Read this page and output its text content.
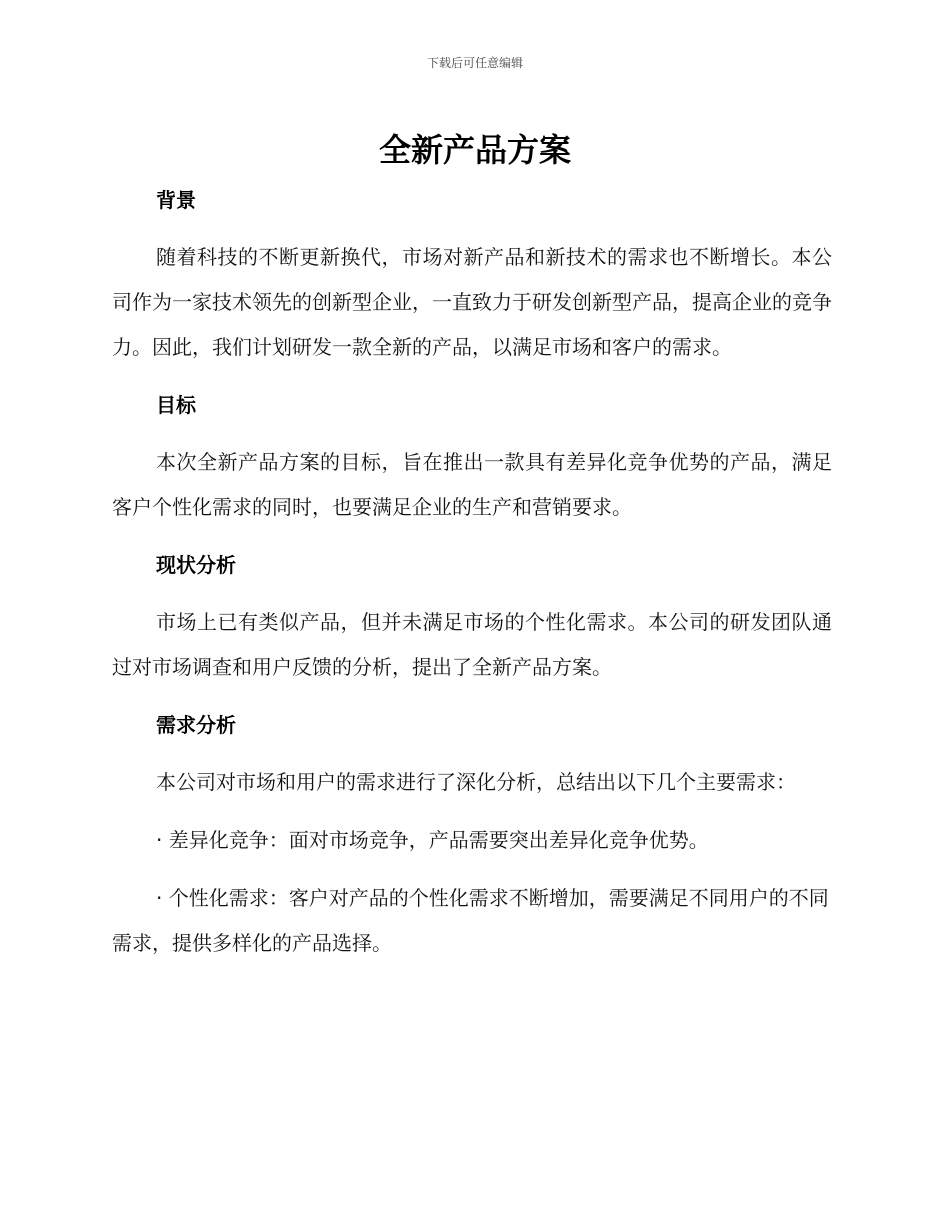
下载后可任意编辑
全新产品方案
背景

随着科技的不断更新换代，市场对新产品和新技术的需求也不断增长。本公司作为一家技术领先的创新型企业，一直致力于研发创新型产品，提高企业的竞争力。因此，我们计划研发一款全新的产品，以满足市场和客户的需求。

目标

本次全新产品方案的目标，旨在推出一款具有差异化竞争优势的产品，满足客户个性化需求的同时，也要满足企业的生产和营销要求。

现状分析

市场上已有类似产品，但并未满足市场的个性化需求。本公司的研发团队通过对市场调查和用户反馈的分析，提出了全新产品方案。

需求分析

本公司对市场和用户的需求进行了深化分析，总结出以下几个主要需求：

· 差异化竞争：面对市场竞争，产品需要突出差异化竞争优势。

· 个性化需求：客户对产品的个性化需求不断增加，需要满足不同用户的不同需求，提供多样化的产品选择。
